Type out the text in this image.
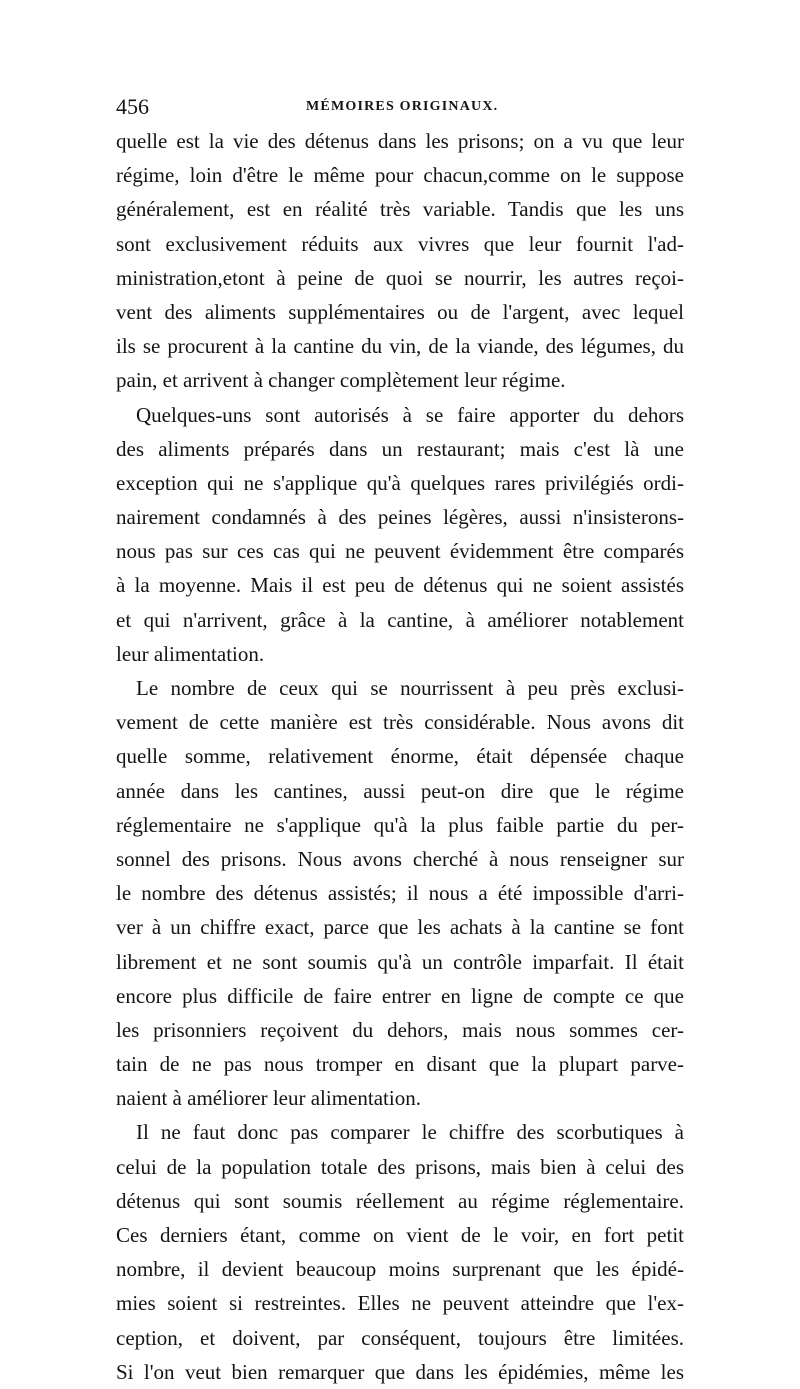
456	MÉMOIRES ORIGINAUX.
quelle est la vie des détenus dans les prisons; on a vu que leur
régime, loin d'être le même pour chacun,comme on le suppose
généralement, est en réalité très variable. Tandis que les uns
sont exclusivement réduits aux vivres que leur fournit l'ad-
ministration,etont à peine de quoi se nourrir, les autres reçoi-
vent des aliments supplémentaires ou de l'argent, avec lequel
ils se procurent à la cantine du vin, de la viande, des légumes, du
pain, et arrivent à changer complètement leur régime.
Quelques-uns sont autorisés à se faire apporter du dehors
des aliments préparés dans un restaurant; mais c'est là une
exception qui ne s'applique qu'à quelques rares privilégiés ordi-
nairement condamnés à des peines légères, aussi n'insisterons-
nous pas sur ces cas qui ne peuvent évidemment être comparés
à la moyenne. Mais il est peu de détenus qui ne soient assistés
et qui n'arrivent, grâce à la cantine, à améliorer notablement
leur alimentation.
Le nombre de ceux qui se nourrissent à peu près exclusi-
vement de cette manière est très considérable. Nous avons dit
quelle somme, relativement énorme, était dépensée chaque
année dans les cantines, aussi peut-on dire que le régime
réglementaire ne s'applique qu'à la plus faible partie du per-
sonnel des prisons. Nous avons cherché à nous renseigner sur
le nombre des détenus assistés; il nous a été impossible d'arri-
ver à un chiffre exact, parce que les achats à la cantine se font
librement et ne sont soumis qu'à un contrôle imparfait. Il était
encore plus difficile de faire entrer en ligne de compte ce que
les prisonniers reçoivent du dehors, mais nous sommes cer-
tain de ne pas nous tromper en disant que la plupart parve-
naient à améliorer leur alimentation.
Il ne faut donc pas comparer le chiffre des scorbutiques à
celui de la population totale des prisons, mais bien à celui des
détenus qui sont soumis réellement au régime réglementaire.
Ces derniers étant, comme on vient de le voir, en fort petit
nombre, il devient beaucoup moins surprenant que les épidé-
mies soient si restreintes. Elles ne peuvent atteindre que l'ex-
ception, et doivent, par conséquent, toujours être limitées.
Si l'on veut bien remarquer que dans les épidémies, même les
